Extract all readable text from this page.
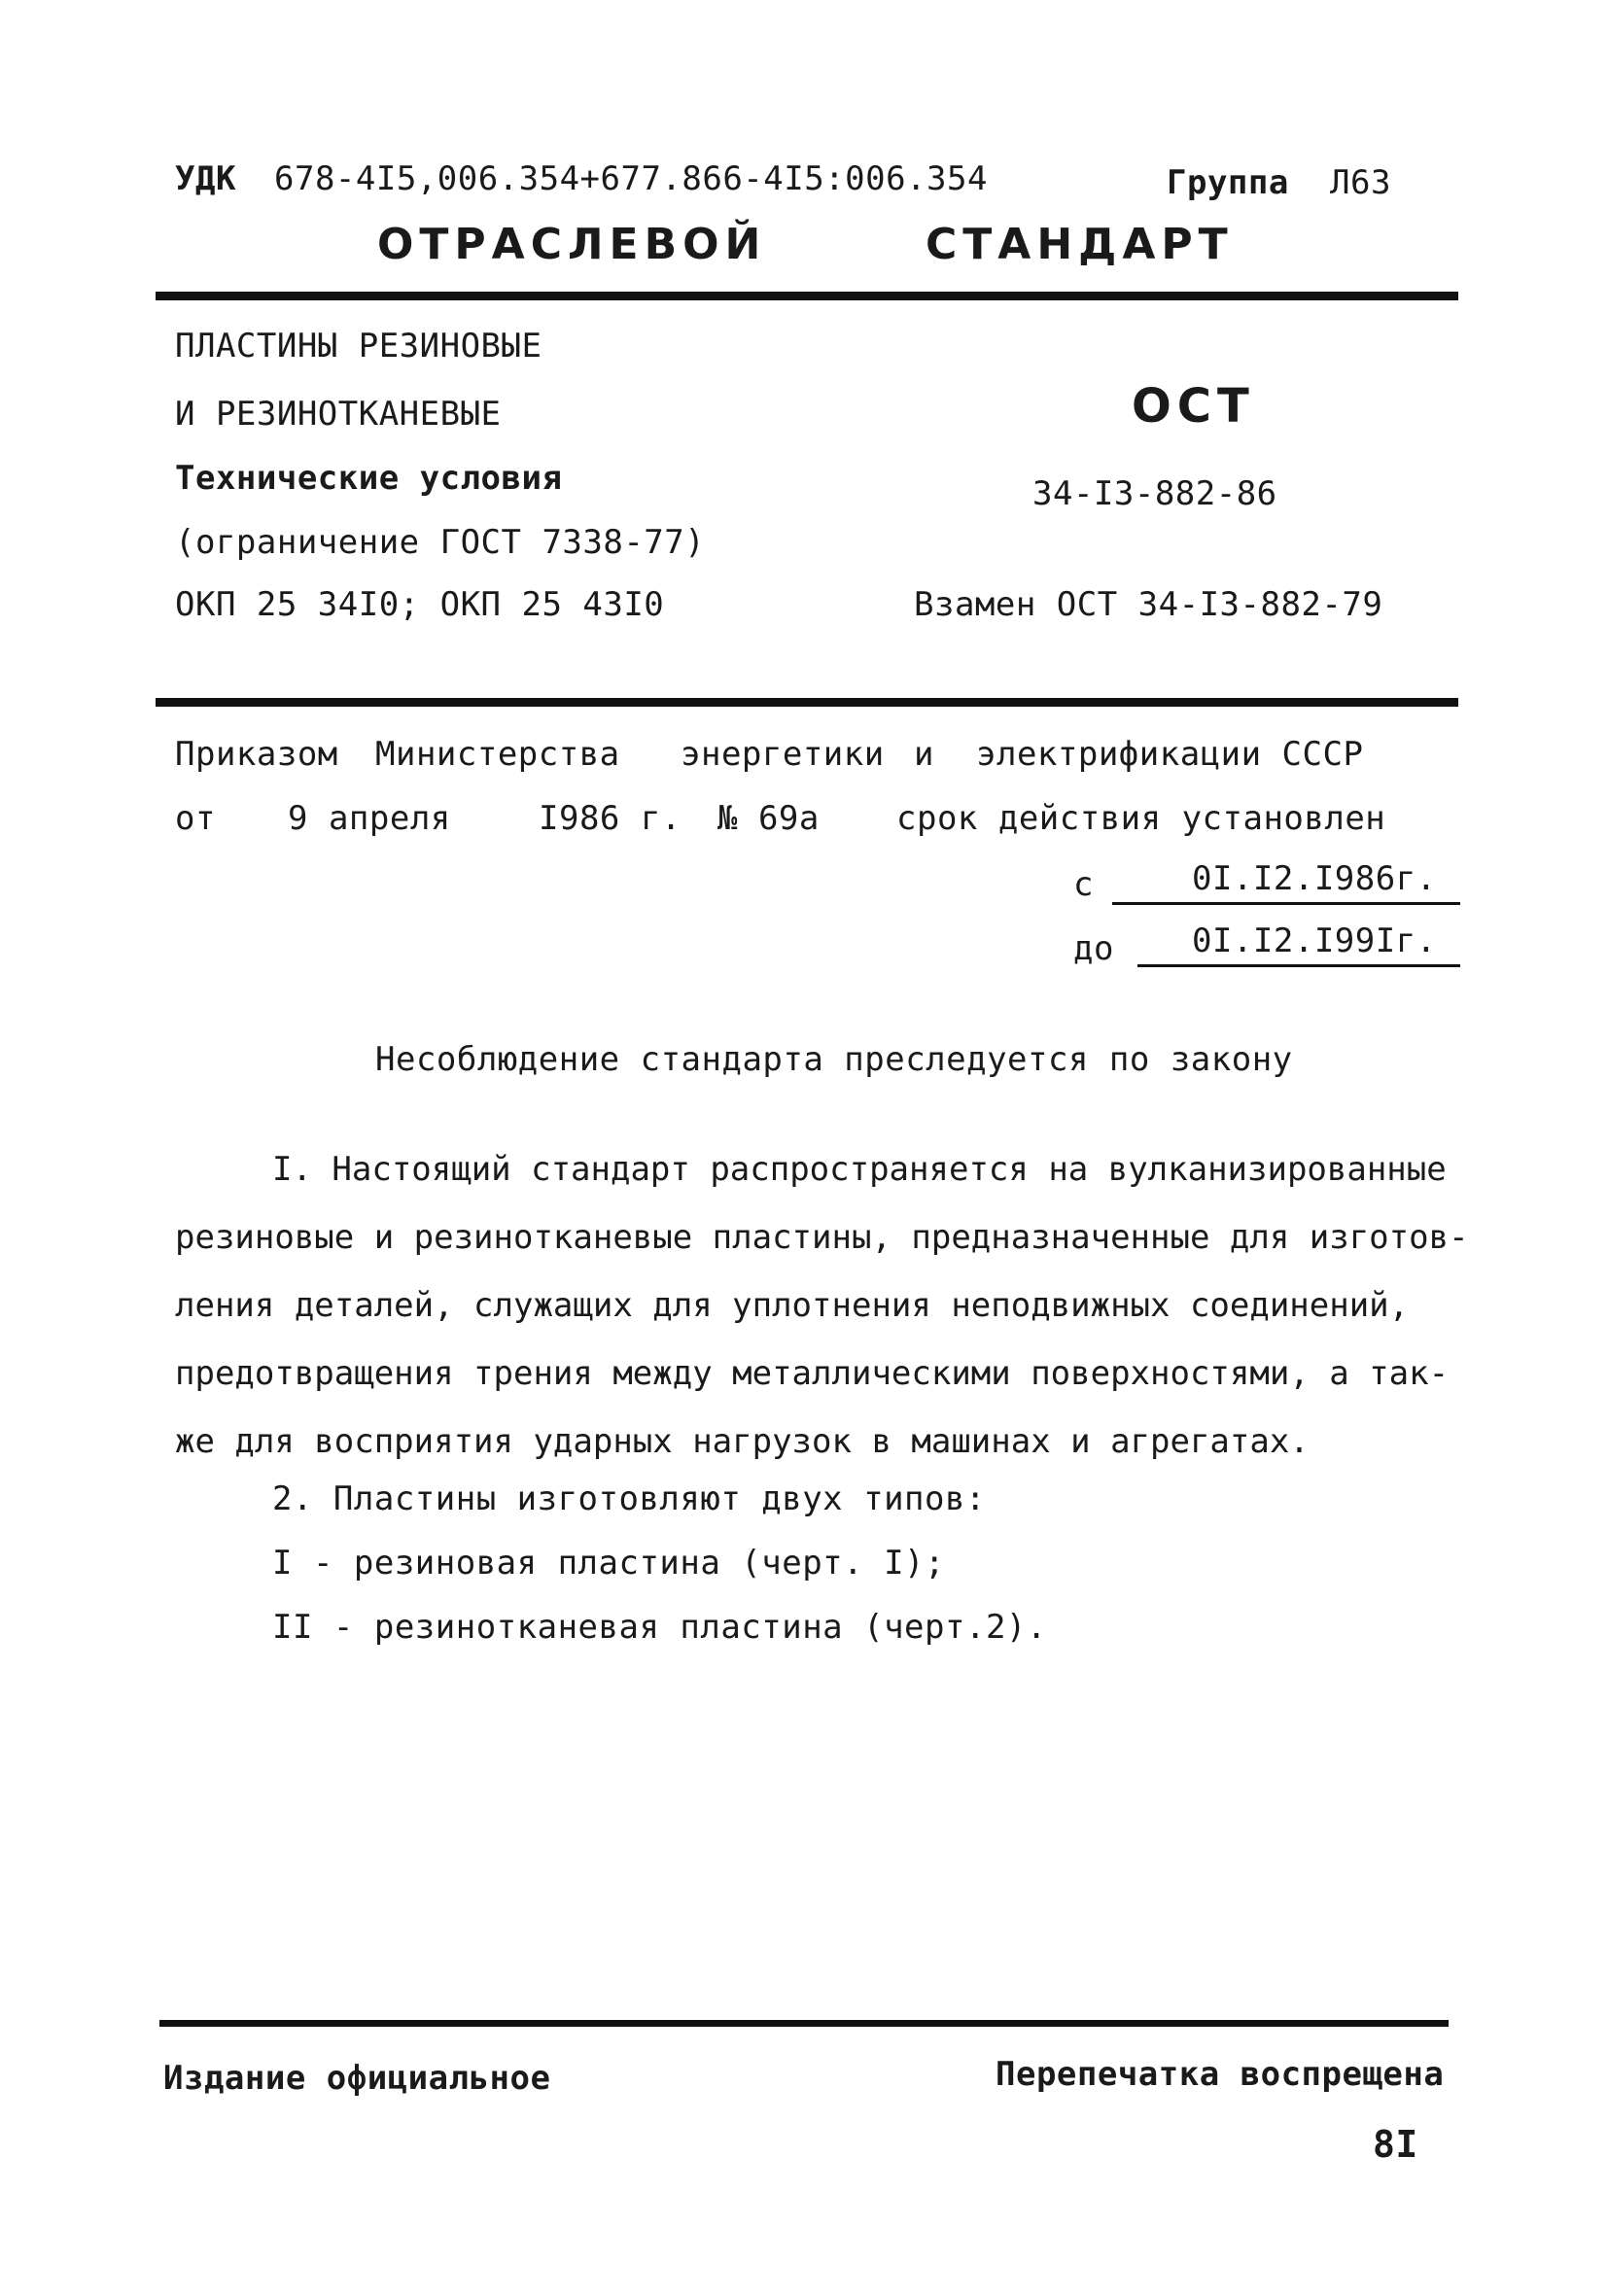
УДК 678-4I5,006.354+677.866-4I5:006.354	Группа Л63
ОТРАСЛЕВОЙ	СТАНДАРТ
ПЛАСТИНЫ РЕЗИНОВЫЕ
И РЕЗИНОТКАНЕВЫЕ
Технические условия
(ограничение ГОСТ 7338-77)
ОКП 25 34I0; ОКП 25 43I0
ОСТ
34-I3-882-86
Взамен ОСТ 34-I3-882-79
Приказом Министерства энергетики и электрификации СССР
от 9 апреля	I986 г. № 69а срок действия установлен
с	0I.I2.I986г.
до 0I.I2.I99Iг.
Несоблюдение стандарта преследуется по закону
I. Настоящий стандарт распространяется на вулканизированные
резиновые и резинотканевые пластины, предназначенные для изготов-
ления деталей, служащих для уплотнения неподвижных соединений,
предотвращения трения между металлическими поверхностями, а так-
же для восприятия ударных нагрузок в машинах и агрегатах.
2. Пластины изготовляют двух типов:
I - резиновая пластина (черт. I);
II - резинотканевая пластина (черт.2).
Издание официальное	Перепечатка воспрещена
8I
